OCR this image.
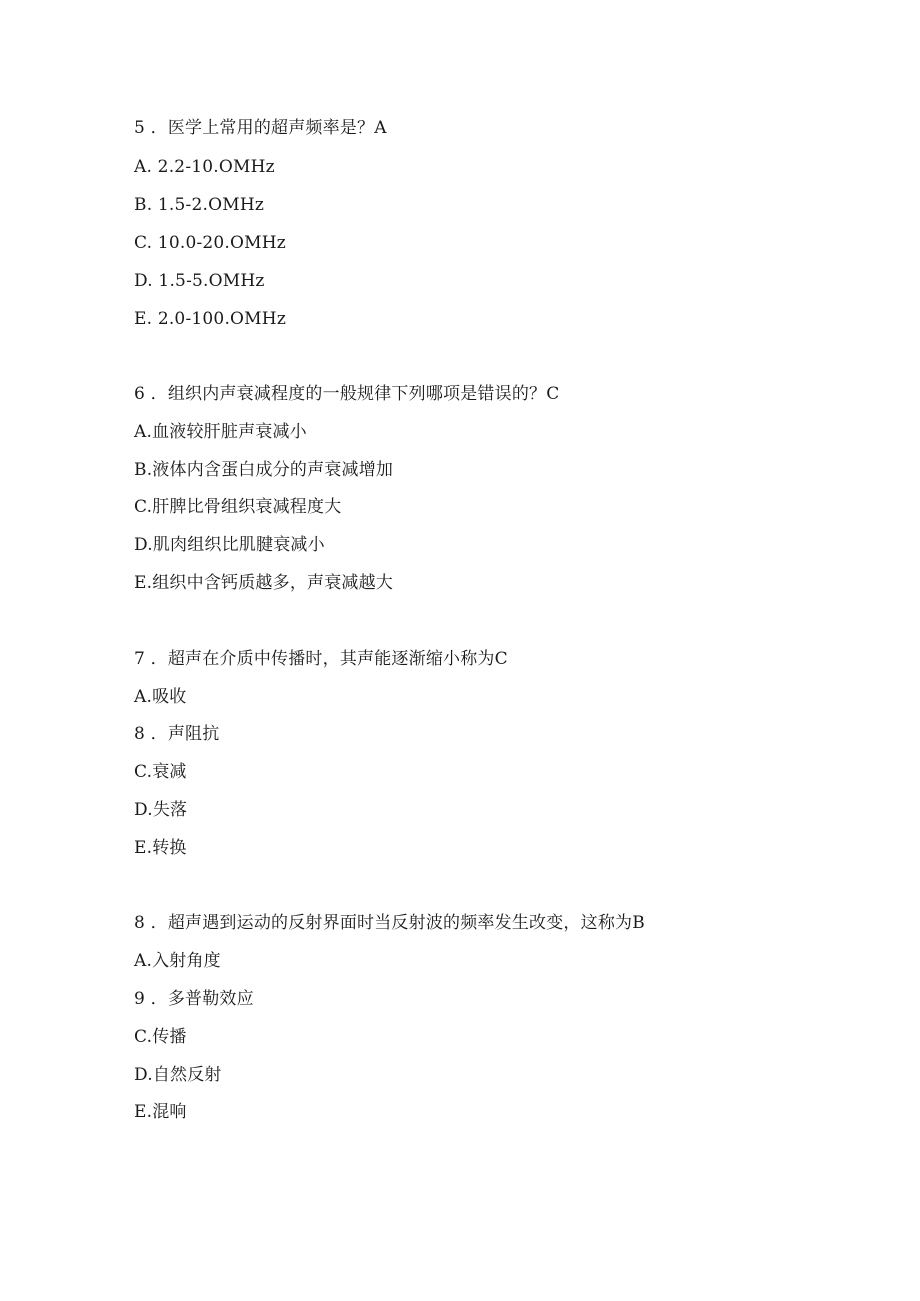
5 ．医学上常用的超声频率是？A
A. 2.2-10.OMHz
B. 1.5-2.OMHz
C. 10.0-20.OMHz
D. 1.5-5.OMHz
E. 2.0-100.OMHz
6 ．组织内声衰减程度的一般规律下列哪项是错误的？C
A.血液较肝脏声衰减小
B.液体内含蛋白成分的声衰减增加
C.肝脾比骨组织衰减程度大
D.肌肉组织比肌腱衰减小
E.组织中含钙质越多，声衰减越大
7 ．超声在介质中传播时，其声能逐渐缩小称为C
A.吸收
8 ．声阻抗
C.衰减
D.失落
E.转换
8 ．超声遇到运动的反射界面时当反射波的频率发生改变，这称为B
A.入射角度
9 ．多普勒效应
C.传播
D.自然反射
E.混响
